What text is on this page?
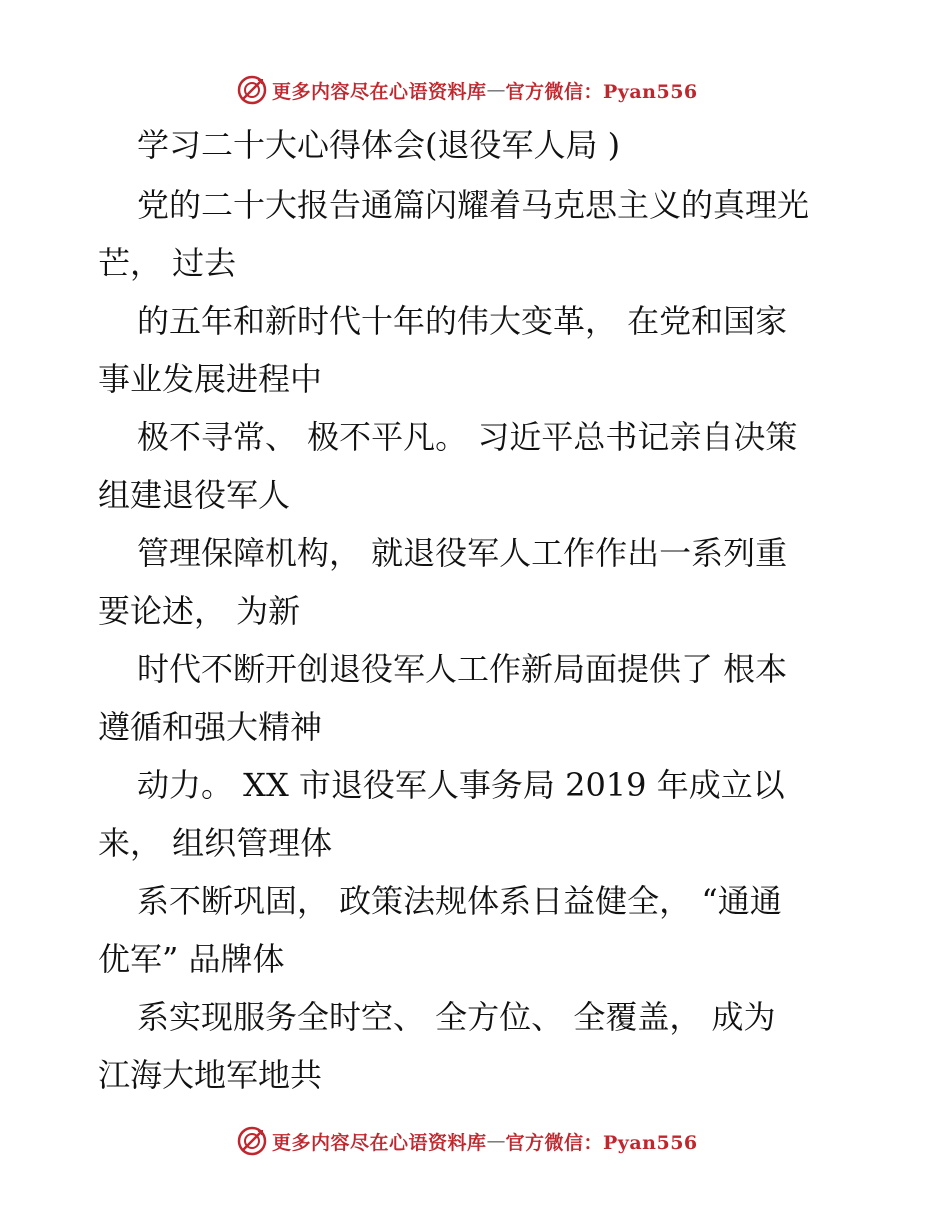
更多内容尽在心语资料库 — 官方微信：Pyan556
学习二十大心得体会(退役军人局 )
党的二十大报告通篇闪耀着马克思主义的真理光
芒， 过去
的五年和新时代十年的伟大变革， 在党和国家
事业发展进程中
极不寻常、 极不平凡。 习近平总书记亲自决策
组建退役军人
管理保障机构， 就退役军人工作作出一系列重
要论述， 为新
时代不断开创退役军人工作新局面提供了 根本
遵循和强大精神
动力。 XX 市退役军人事务局 2019 年成立以
来， 组织管理体
系不断巩固， 政策法规体系日益健全， “通通
优军” 品牌体
系实现服务全时空、 全方位、 全覆盖， 成为
江海大地军地共
更多内容尽在心语资料库 — 官方微信：Pyan556
